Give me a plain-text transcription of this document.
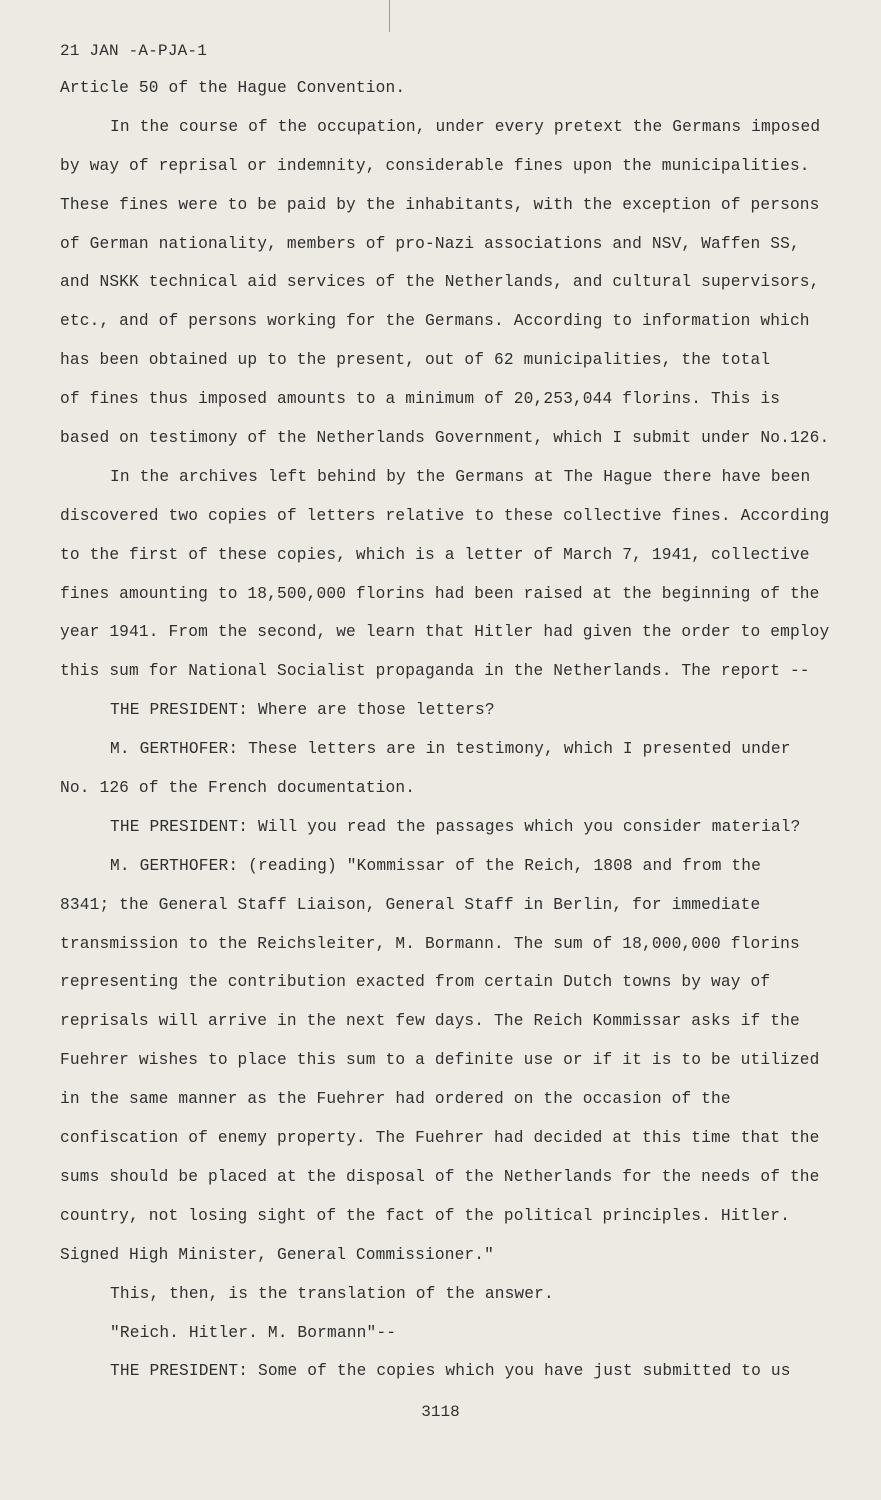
21 JAN -A-PJA-1
Article 50 of the Hague Convention.
In the course of the occupation, under every pretext the Germans imposed
by way of reprisal or indemnity, considerable fines upon the municipalities.
These fines were to be paid by the inhabitants, with the exception of persons
of German nationality, members of pro-Nazi associations and NSV, Waffen SS,
and NSKK technical aid services of the Netherlands, and cultural supervisors,
etc., and of persons working for the Germans. According to information which
has been obtained up to the present, out of 62 municipalities, the total
of fines thus imposed amounts to a minimum of 20,253,044 florins. This is
based on testimony of the Netherlands Government, which I submit under No.126.
In the archives left behind by the Germans at The Hague there have been
discovered two copies of letters relative to these collective fines. According
to the first of these copies, which is a letter of March 7, 1941, collective
fines amounting to 18,500,000 florins had been raised at the beginning of the
year 1941. From the second, we learn that Hitler had given the order to employ
this sum for National Socialist propaganda in the Netherlands. The report --
THE PRESIDENT: Where are those letters?
M. GERTHOFER: These letters are in testimony, which I presented under
No. 126 of the French documentation.
THE PRESIDENT: Will you read the passages which you consider material?
M. GERTHOFER: (reading) "Kommissar of the Reich, 1808 and from the
8341; the General Staff Liaison, General Staff in Berlin, for immediate
transmission to the Reichsleiter, M. Bormann. The sum of 18,000,000 florins
representing the contribution exacted from certain Dutch towns by way of
reprisals will arrive in the next few days. The Reich Kommissar asks if the
Fuehrer wishes to place this sum to a definite use or if it is to be utilized
in the same manner as the Fuehrer had ordered on the occasion of the
confiscation of enemy property. The Fuehrer had decided at this time that the
sums should be placed at the disposal of the Netherlands for the needs of the
country, not losing sight of the fact of the political principles. Hitler.
Signed High Minister, General Commissioner."
This, then, is the translation of the answer.
"Reich. Hitler. M. Bormann"--
THE PRESIDENT: Some of the copies which you have just submitted to us
3118
